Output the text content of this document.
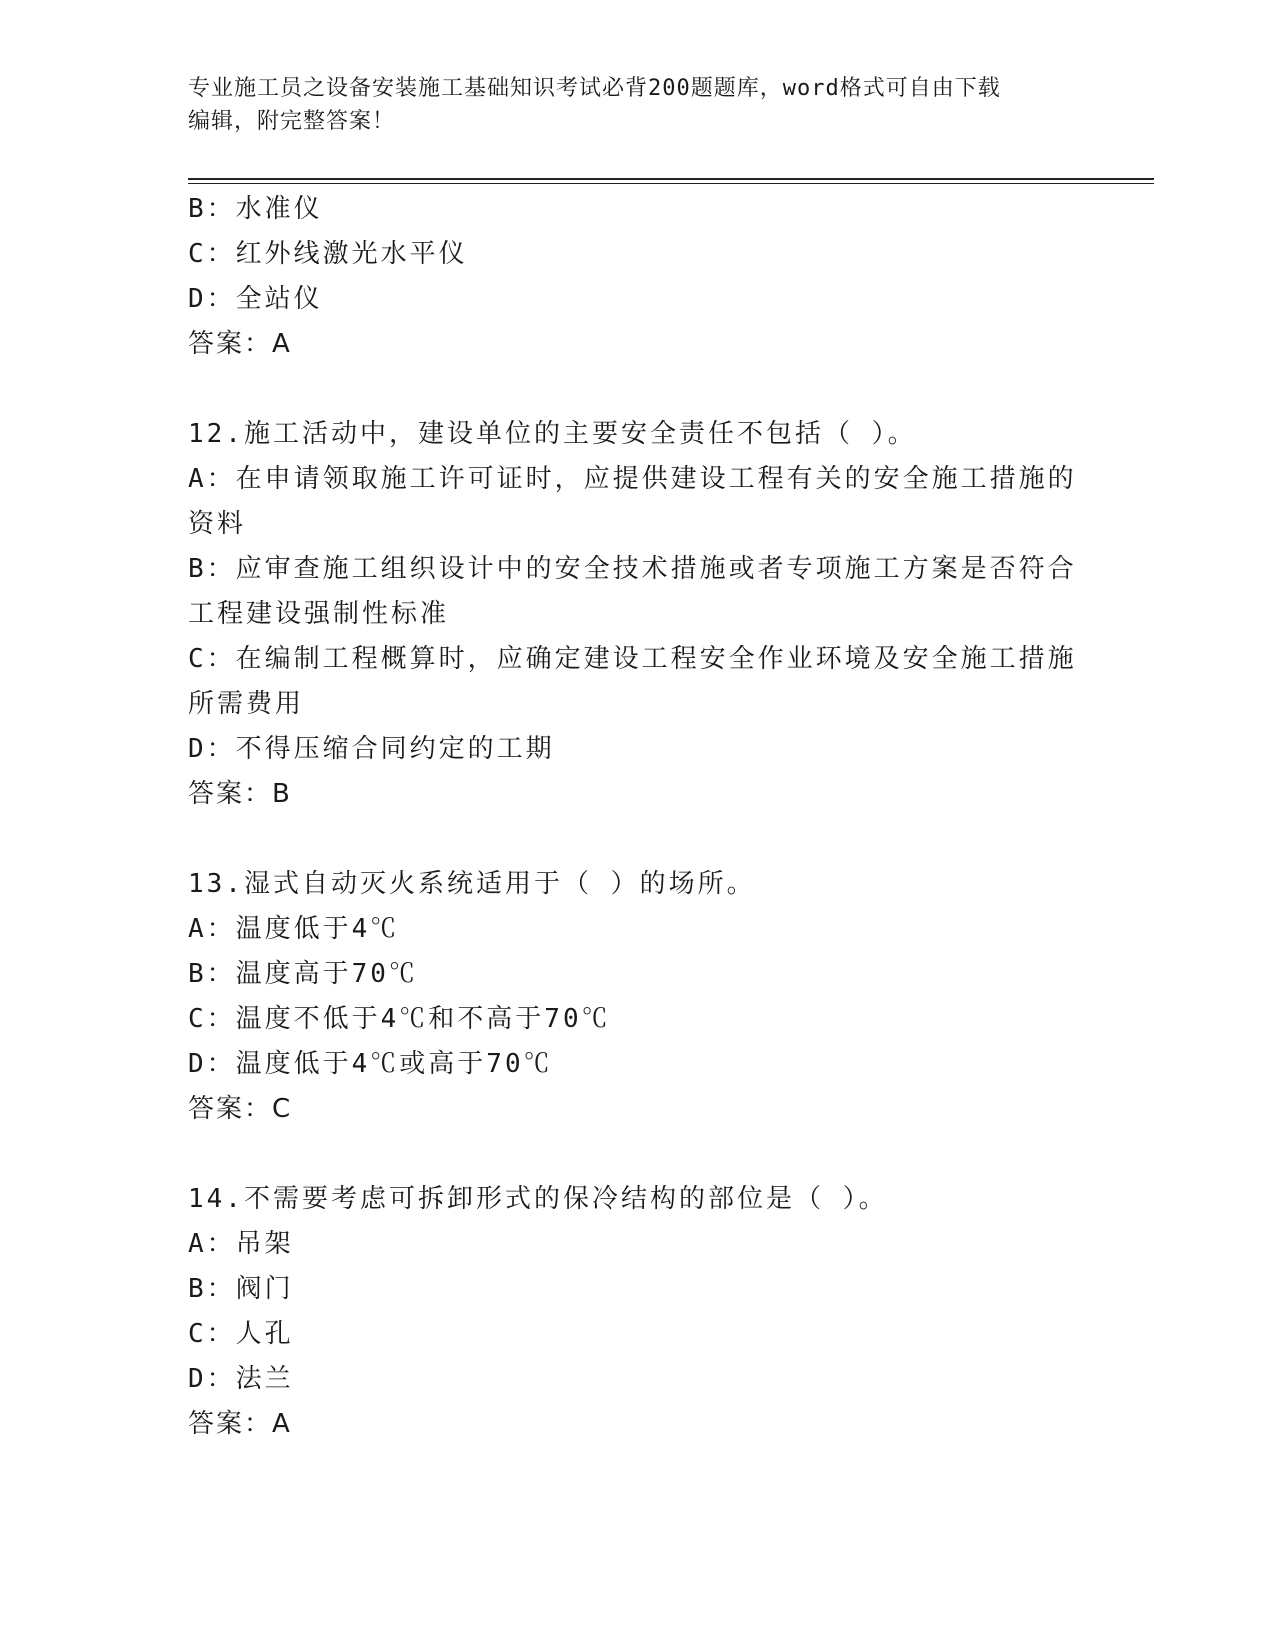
专业施工员之设备安装施工基础知识考试必背200题题库，word格式可自由下载
编辑，附完整答案！
B：水准仪
C：红外线激光水平仪
D：全站仪
答案：A
12.施工活动中，建设单位的主要安全责任不包括（ ）。
A：在申请领取施工许可证时，应提供建设工程有关的安全施工措施的
资料
B：应审查施工组织设计中的安全技术措施或者专项施工方案是否符合
工程建设强制性标准
C：在编制工程概算时，应确定建设工程安全作业环境及安全施工措施
所需费用
D：不得压缩合同约定的工期
答案：B
13.湿式自动灭火系统适用于（ ）的场所。
A：温度低于4℃
B：温度高于70℃
C：温度不低于4℃和不高于70℃
D：温度低于4℃或高于70℃
答案：C
14.不需要考虑可拆卸形式的保冷结构的部位是（ ）。
A：吊架
B：阀门
C：人孔
D：法兰
答案：A
